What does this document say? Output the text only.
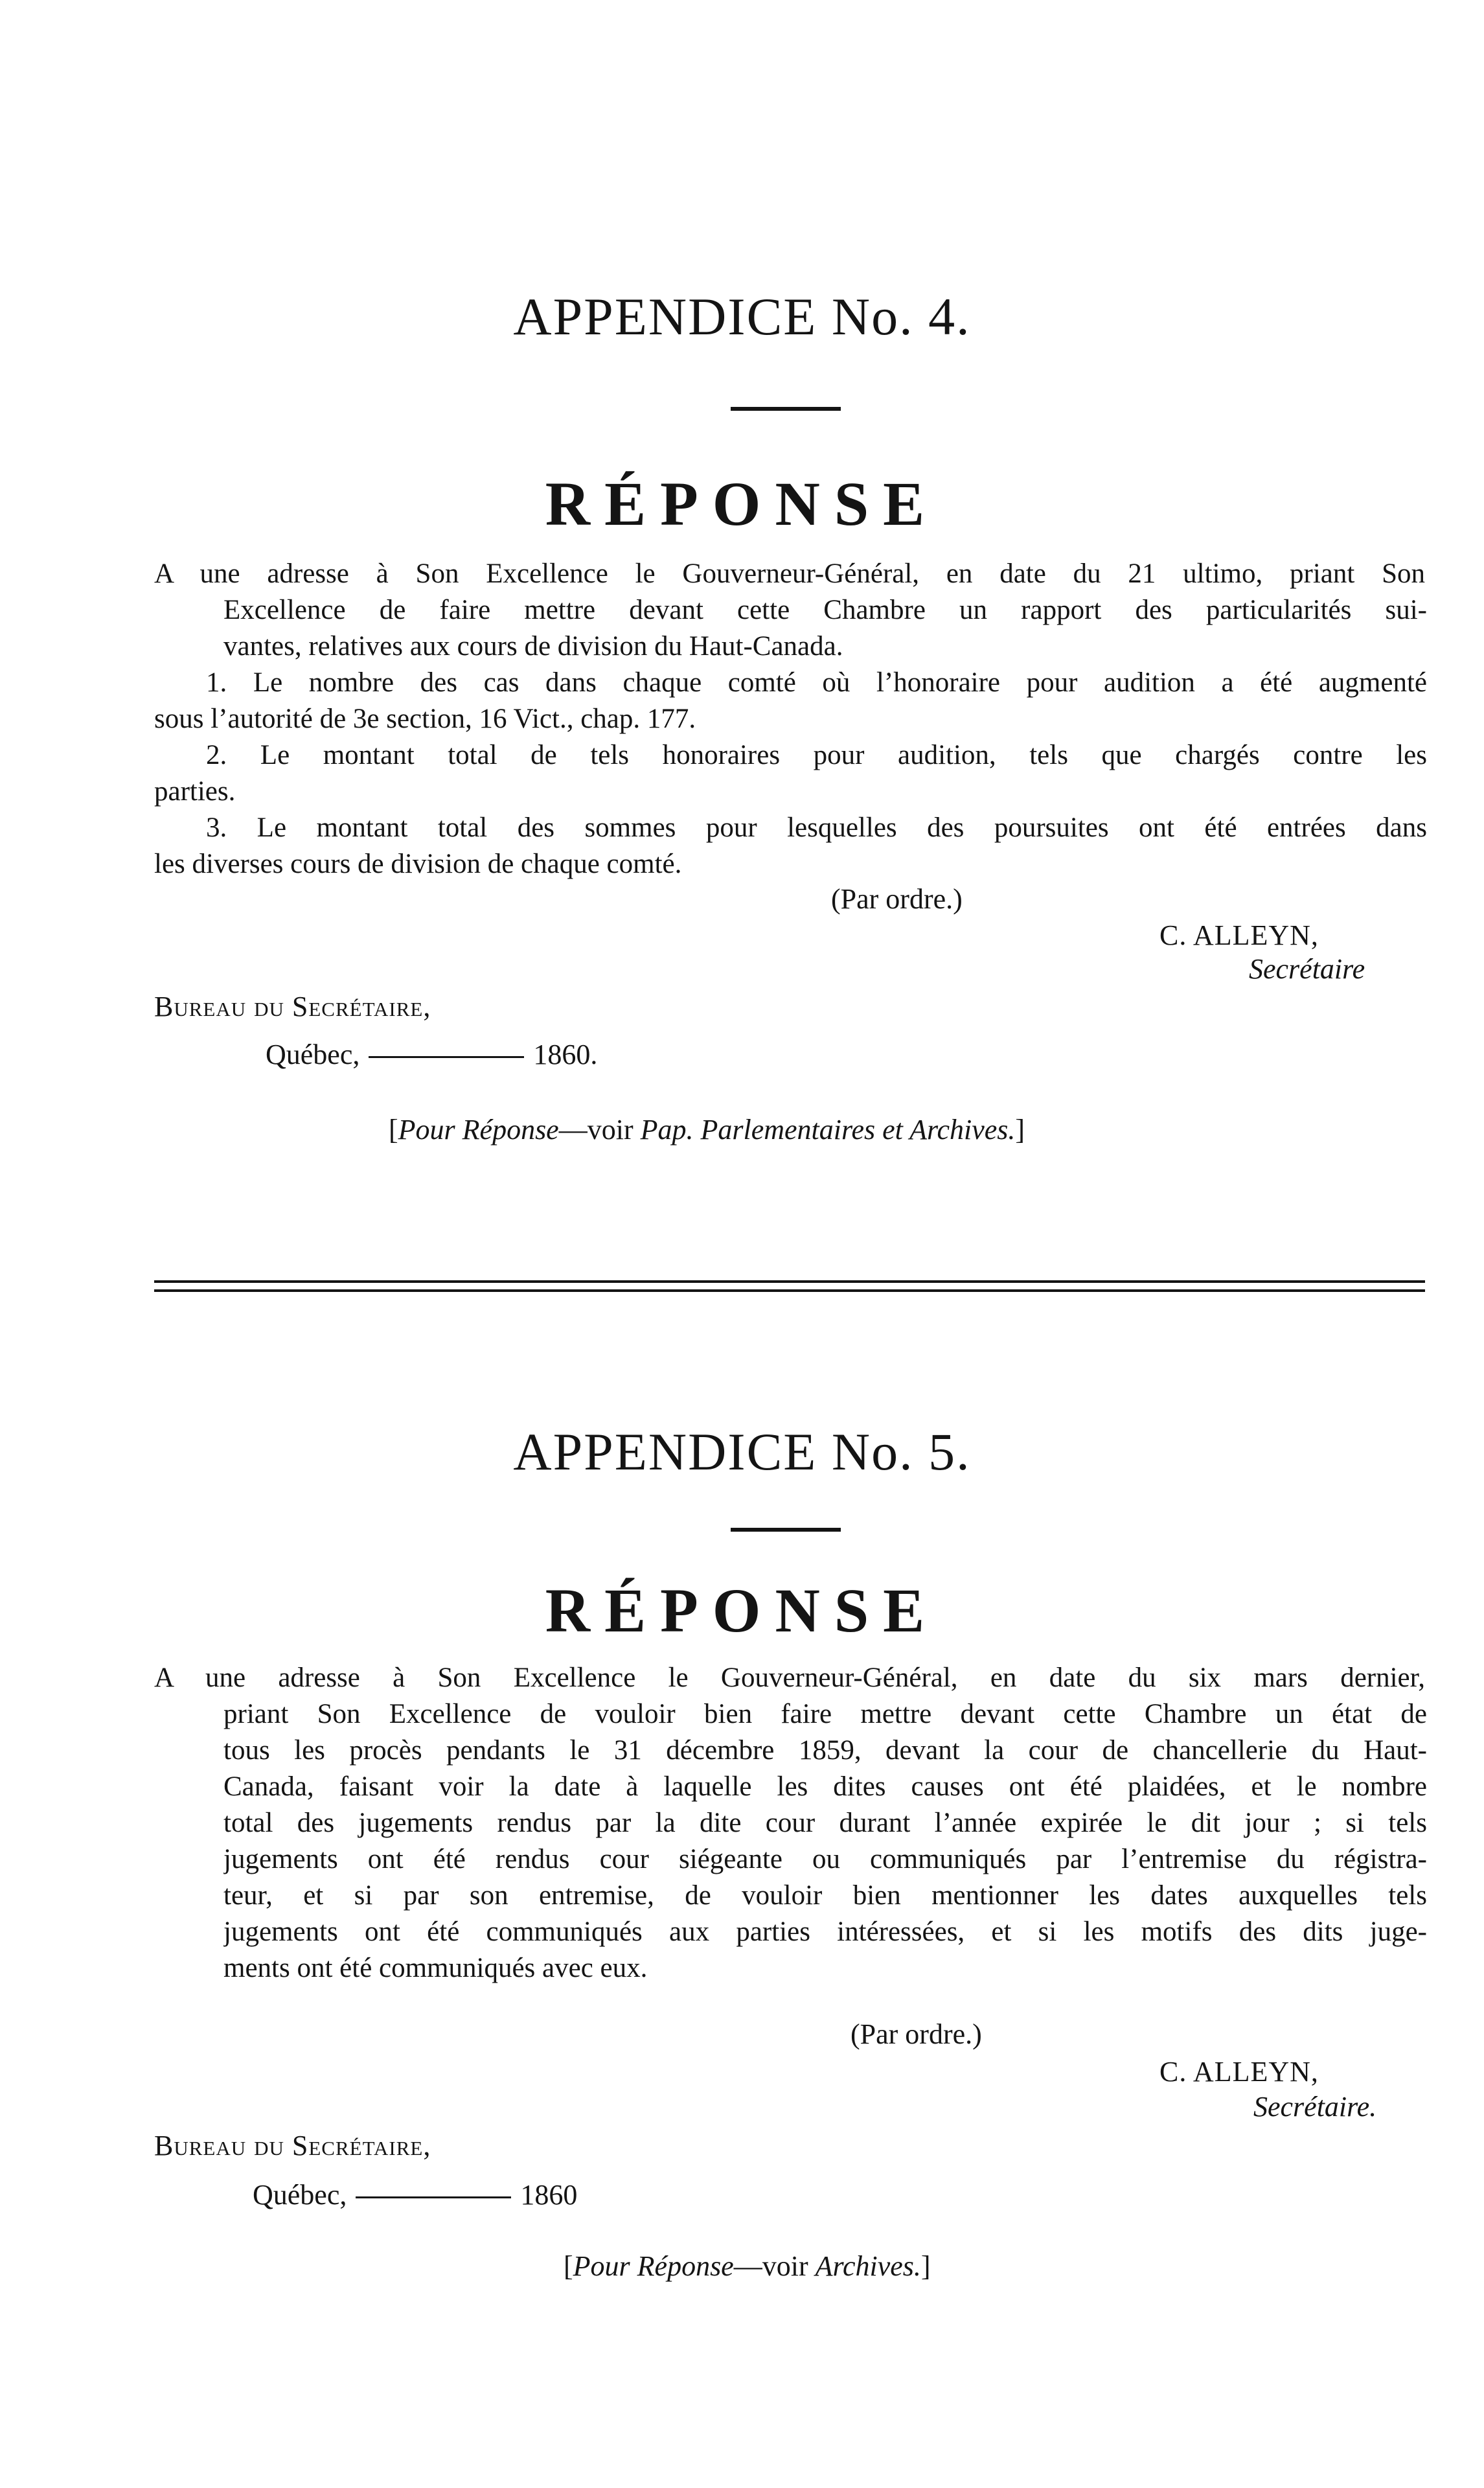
APPENDICE No. 4.
RÉPONSE

A une adresse à Son Excellence le Gouverneur-Général, en date du 21 ultimo, priant Son

Excellence de faire mettre devant cette Chambre un rapport des particularités sui-

vantes, relatives aux cours de division du Haut-Canada.

1. Le nombre des cas dans chaque comté où l’honoraire pour audition a été augmenté

sous l’autorité de 3e section, 16 Vict., chap. 177.

2. Le montant total de tels honoraires pour audition, tels que chargés contre les

parties.

3. Le montant total des sommes pour lesquelles des poursuites ont été entrées dans

les diverses cours de division de chaque comté.

(Par ordre.)
C. ALLEYN,
Secrétaire
Bureau du Secrétaire,
Québec,	1860.
[Pour Réponse—voir Pap. Parlementaires et Archives.]
APPENDICE No. 5.
RÉPONSE

A une adresse à Son Excellence le Gouverneur-Général, en date du six mars dernier,

priant Son Excellence de vouloir bien faire mettre devant cette Chambre un état de

tous les procès pendants le 31 décembre 1859, devant la cour de chancellerie du Haut-

Canada, faisant voir la date à laquelle les dites causes ont été plaidées, et le nombre

total des jugements rendus par la dite cour durant l’année expirée le dit jour ; si tels

jugements ont été rendus cour siégeante ou communiqués par l’entremise du régistra-

teur, et si par son entremise, de vouloir bien mentionner les dates auxquelles tels

jugements ont été communiqués aux parties intéressées, et si les motifs des dits juge-

ments ont été communiqués avec eux.

(Par ordre.)
C. ALLEYN,
Secrétaire.
Bureau du Secrétaire,
Québec,	1860
[Pour Réponse—voir Archives.]
